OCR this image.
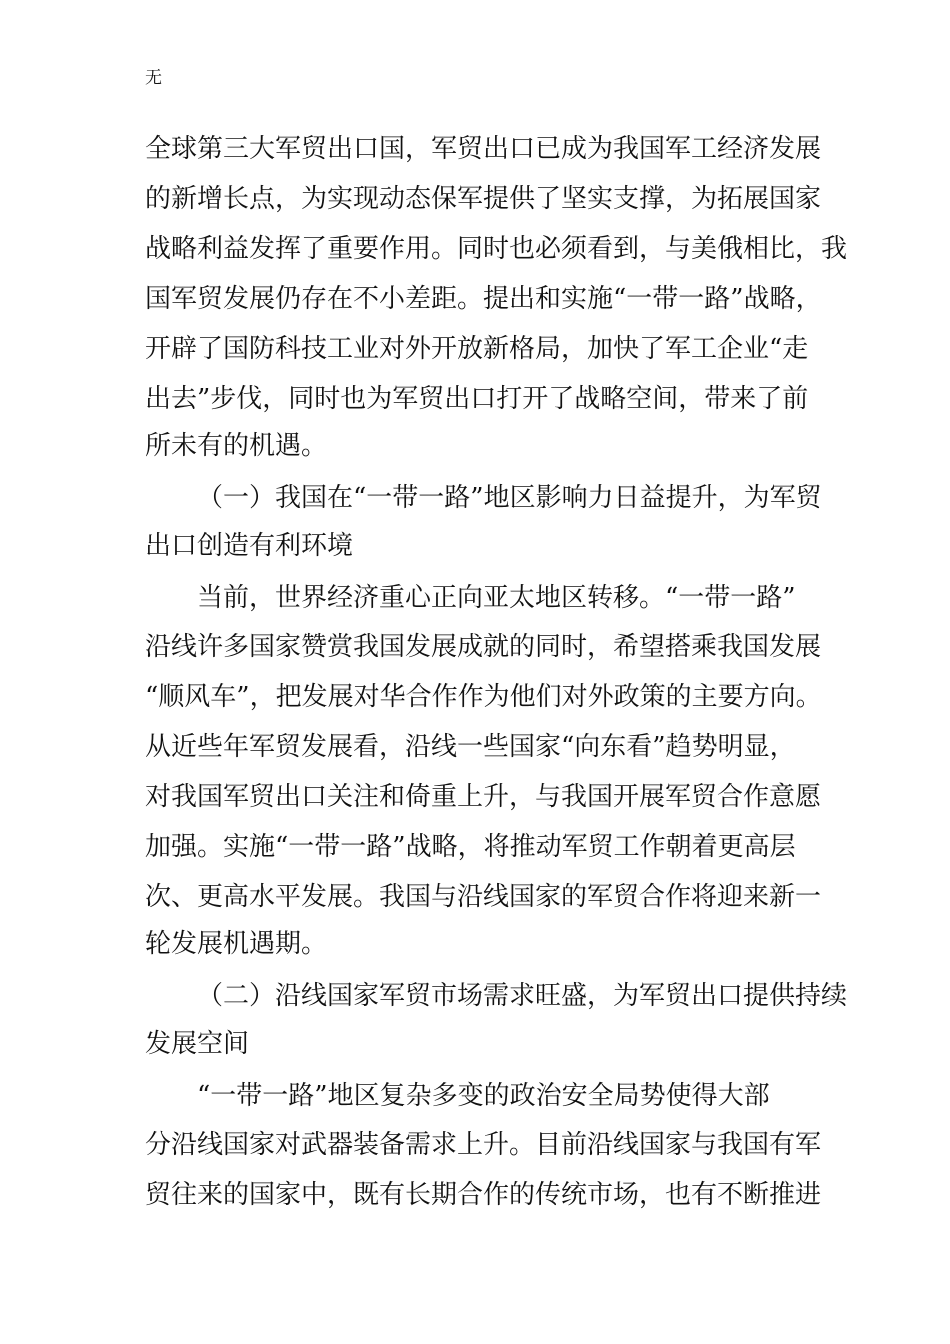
无
全球第三大军贸出口国，军贸出口已成为我国军工经济发展
的新增长点，为实现动态保军提供了坚实支撑，为拓展国家
战略利益发挥了重要作用。同时也必须看到，与美俄相比，我
国军贸发展仍存在不小差距。提出和实施“一带一路”战略，
开辟了国防科技工业对外开放新格局，加快了军工企业“走
出去”步伐，同时也为军贸出口打开了战略空间，带来了前
所未有的机遇。
（一）我国在“一带一路”地区影响力日益提升，为军贸
出口创造有利环境
当前，世界经济重心正向亚太地区转移。“一带一路”
沿线许多国家赞赏我国发展成就的同时，希望搭乘我国发展
“顺风车”，把发展对华合作作为他们对外政策的主要方向。
从近些年军贸发展看，沿线一些国家“向东看”趋势明显，
对我国军贸出口关注和倚重上升，与我国开展军贸合作意愿
加强。实施“一带一路”战略，将推动军贸工作朝着更高层
次、更高水平发展。我国与沿线国家的军贸合作将迎来新一
轮发展机遇期。
（二）沿线国家军贸市场需求旺盛，为军贸出口提供持续
发展空间
“一带一路”地区复杂多变的政治安全局势使得大部
分沿线国家对武器装备需求上升。目前沿线国家与我国有军
贸往来的国家中，既有长期合作的传统市场，也有不断推进
